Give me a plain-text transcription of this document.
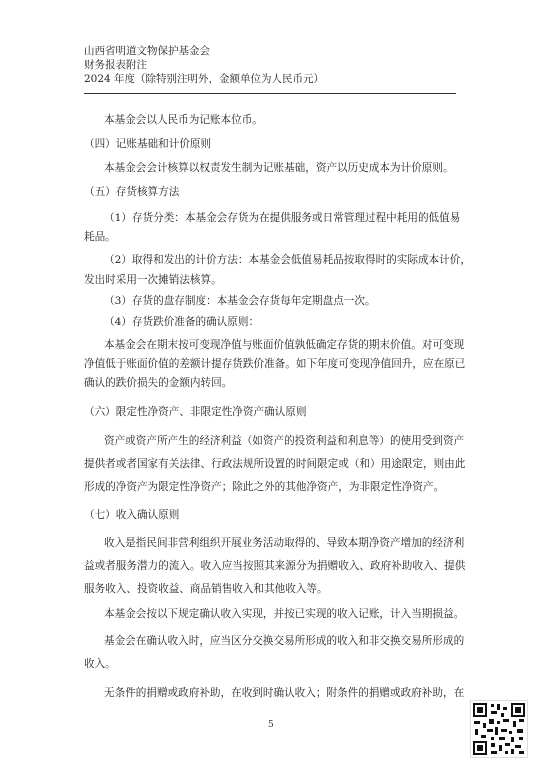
山西省明道文物保护基金会
财务报表附注
2024 年度（除特别注明外，金额单位为人民币元）
本基金会以人民币为记账本位币。
（四）记账基础和计价原则
本基金会会计核算以权责发生制为记账基础，资产以历史成本为计价原则。
（五）存货核算方法
（1）存货分类：本基金会存货为在提供服务或日常管理过程中耗用的低值易
耗品。
（2）取得和发出的计价方法：本基金会低值易耗品按取得时的实际成本计价，
发出时采用一次摊销法核算。
（3）存货的盘存制度：本基金会存货每年定期盘点一次。
（4）存货跌价准备的确认原则：
本基金会在期末按可变现净值与账面价值孰低确定存货的期末价值。对可变现
净值低于账面价值的差额计提存货跌价准备。如下年度可变现净值回升，应在原已
确认的跌价损失的金额内转回。
（六）限定性净资产、非限定性净资产确认原则
资产或资产所产生的经济利益（如资产的投资利益和利息等）的使用受到资产
提供者或者国家有关法律、行政法规所设置的时间限定或（和）用途限定，则由此
形成的净资产为限定性净资产；除此之外的其他净资产，为非限定性净资产。
（七）收入确认原则
收入是指民间非营利组织开展业务活动取得的、导致本期净资产增加的经济利
益或者服务潜力的流入。收入应当按照其来源分为捐赠收入、政府补助收入、提供
服务收入、投资收益、商品销售收入和其他收入等。
本基金会按以下规定确认收入实现，并按已实现的收入记账，计入当期损益。
基金会在确认收入时，应当区分交换交易所形成的收入和非交换交易所形成的
收入。
无条件的捐赠或政府补助，在收到时确认收入；附条件的捐赠或政府补助，在
5
